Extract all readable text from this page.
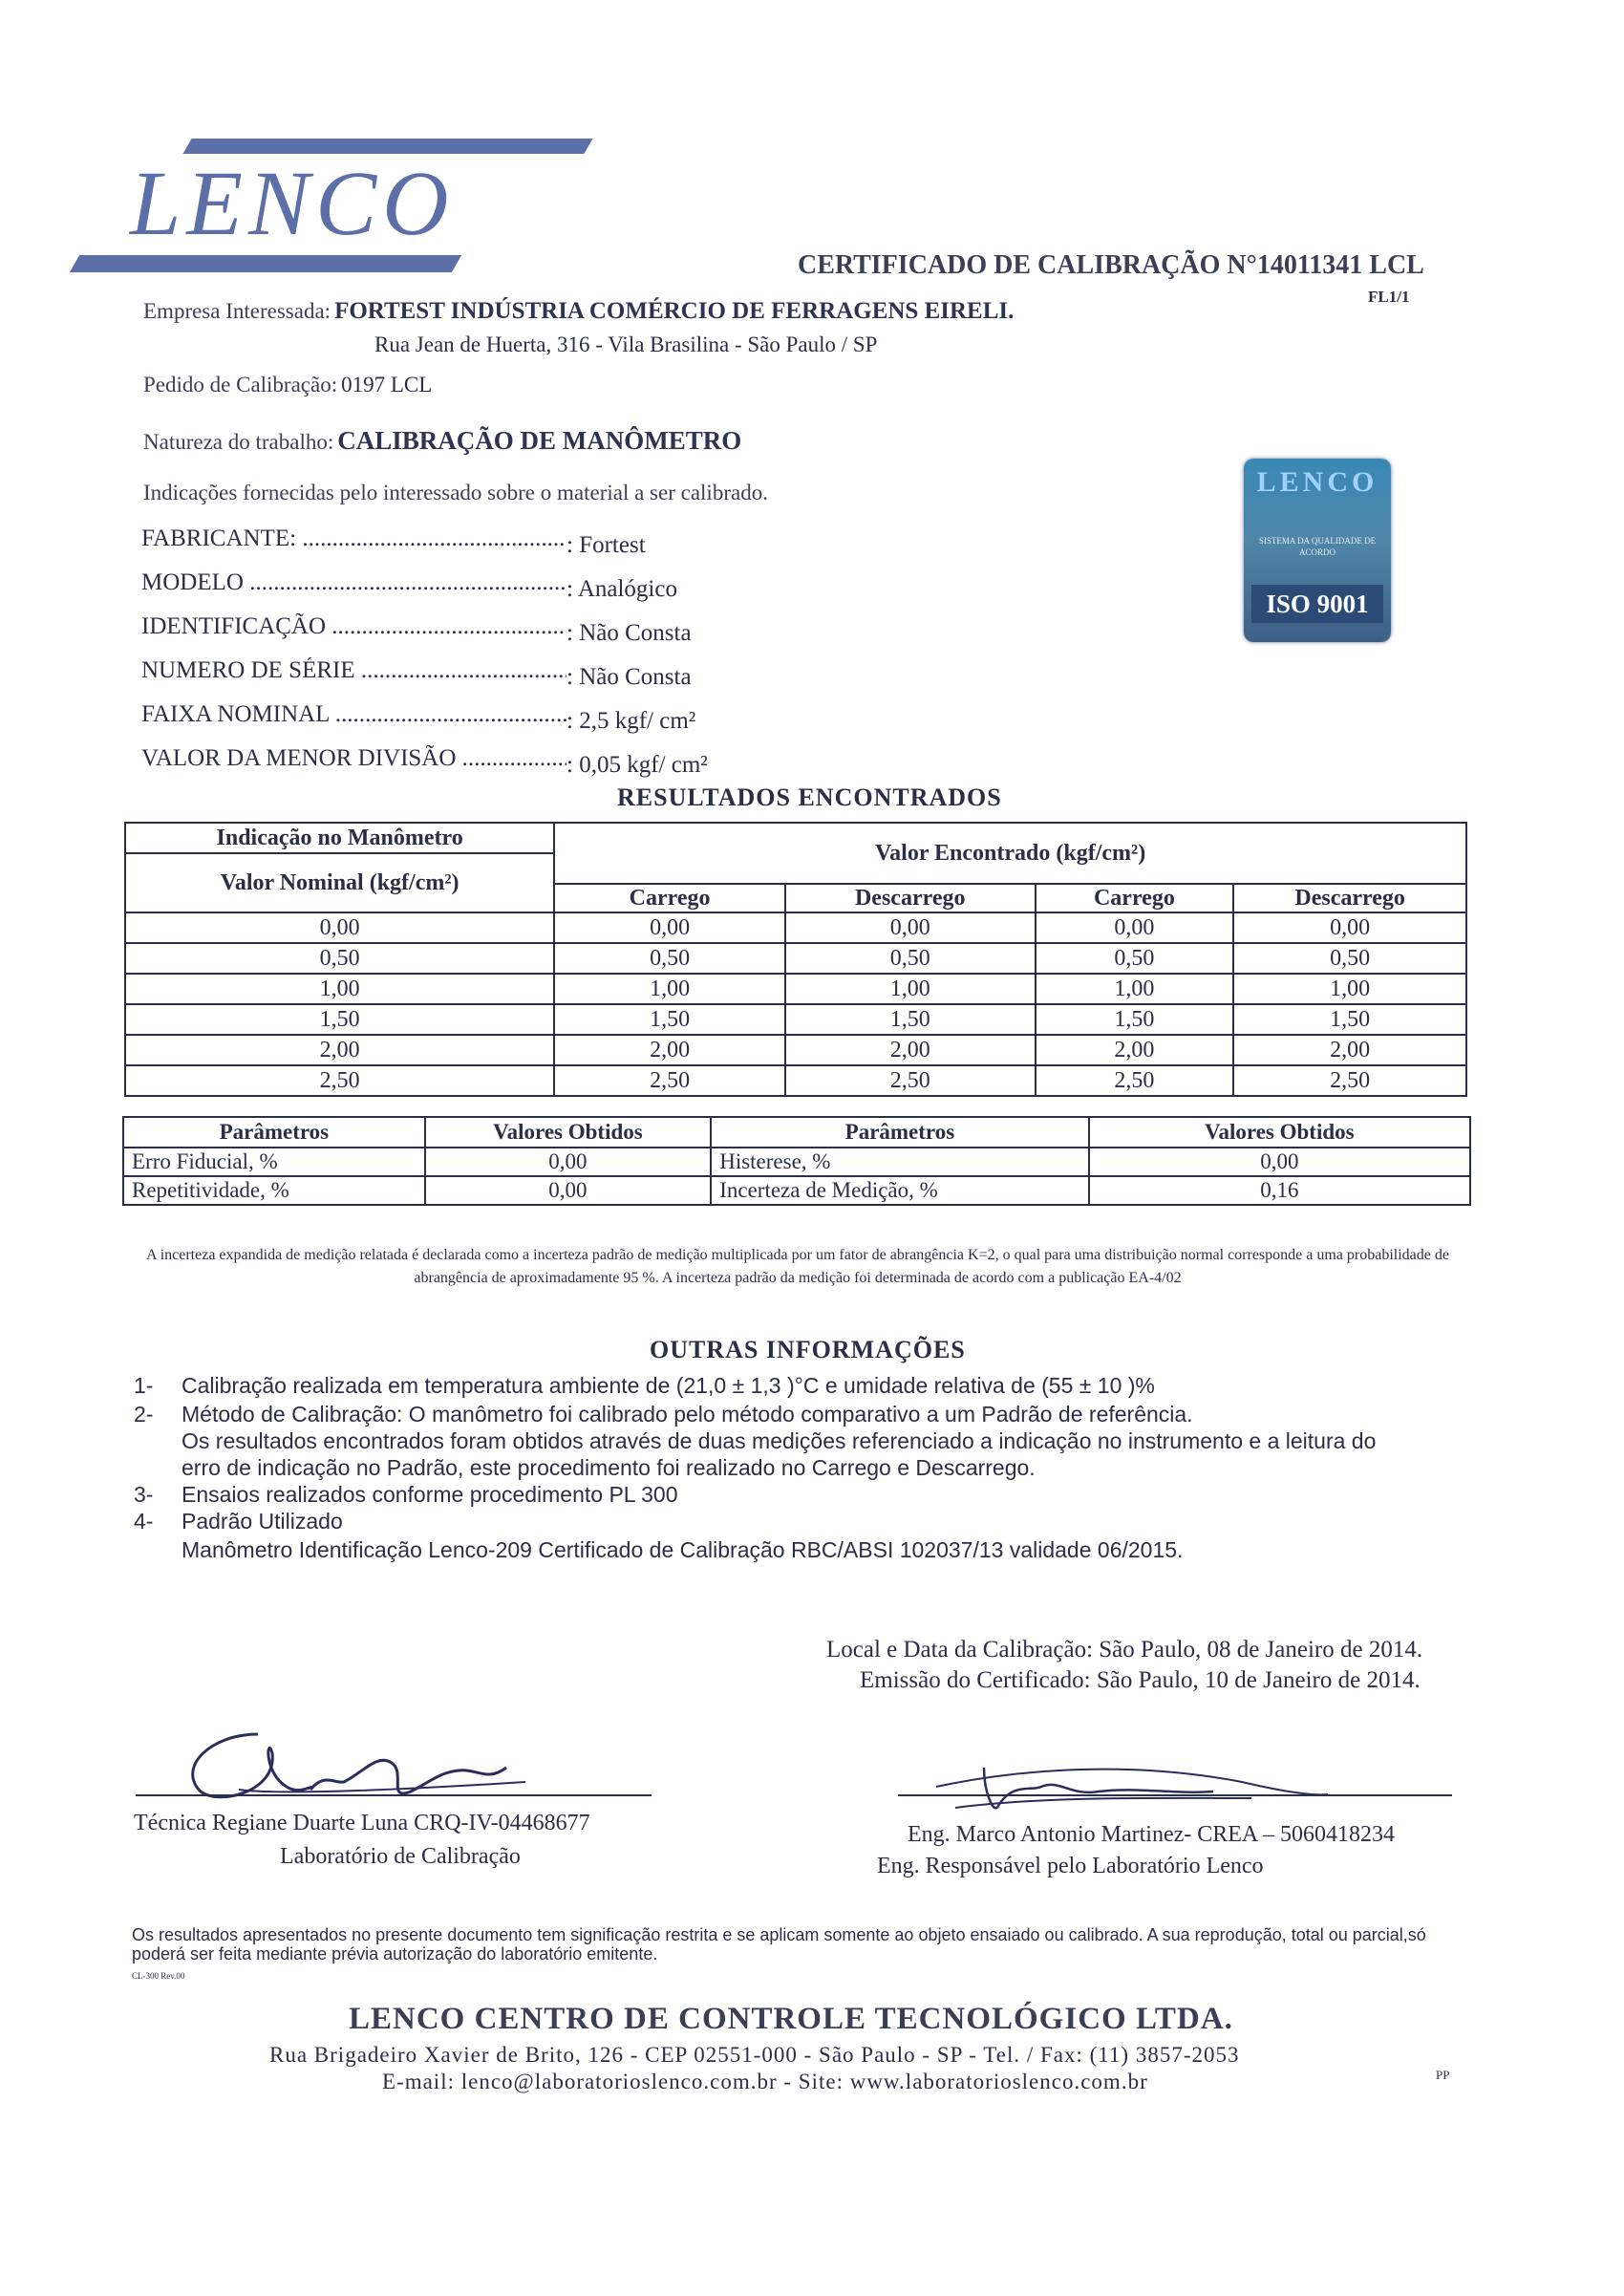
LENCO
CERTIFICADO DE CALIBRAÇÃO N°14011341 LCL
FL1/1
Empresa Interessada: FORTEST INDÚSTRIA COMÉRCIO DE FERRAGENS EIRELI.
Rua Jean de Huerta, 316 - Vila Brasilina - São Paulo / SP
Pedido de Calibração: 0197 LCL
Natureza do trabalho: CALIBRAÇÃO DE MANÔMETRO
Indicações fornecidas pelo interessado sobre o material a ser calibrado.
FABRICANTE: .....	: Fortest
MODELO .....	: Analógico
IDENTIFICAÇÃO .....	: Não Consta
NUMERO DE SÉRIE .....	: Não Consta
FAIXA NOMINAL .....	: 2,5 kgf/ cm²
VALOR DA MENOR DIVISÃO .....	: 0,05 kgf/ cm²
LENCO
SISTEMA DA QUALIDADE DE ACORDO
ISO 9001
RESULTADOS ENCONTRADOS
Indicação no Manômetro	Valor Encontrado (kgf/cm²)			
Valor Nominal (kgf/cm²)				
	Carrego	Descarrego	Carrego	Descarrego
0,00	0,00	0,00	0,00	0,00
0,50	0,50	0,50	0,50	0,50
1,00	1,00	1,00	1,00	1,00
1,50	1,50	1,50	1,50	1,50
2,00	2,00	2,00	2,00	2,00
2,50	2,50	2,50	2,50	2,50
Parâmetros	Valores Obtidos	Parâmetros	Valores Obtidos
Erro Fiducial, %	0,00	Histerese, %	0,00
Repetitividade, %	0,00	Incerteza de Medição, %	0,16
A incerteza expandida de medição relatada é declarada como a incerteza padrão de medição multiplicada por um fator de abrangência K=2, o qual para uma distribuição normal corresponde a uma probabilidade de abrangência de aproximadamente 95 %. A incerteza padrão da medição foi determinada de acordo com a publicação EA-4/02
OUTRAS INFORMAÇÕES
1- Calibração realizada em temperatura ambiente de (21,0 ± 1,3 )°C e umidade relativa de (55 ± 10 )%
2- Método de Calibração: O manômetro foi calibrado pelo método comparativo a um Padrão de referência.
Os resultados encontrados foram obtidos através de duas medições referenciado a indicação no instrumento e a leitura do
erro de indicação no Padrão, este procedimento foi realizado no Carrego e Descarrego.
3- Ensaios realizados conforme procedimento PL 300
4- Padrão Utilizado
Manômetro Identificação Lenco-209 Certificado de Calibração RBC/ABSI 102037/13 validade 06/2015.
Local e Data da Calibração: São Paulo, 08 de Janeiro de 2014.
Emissão do Certificado: São Paulo, 10 de Janeiro de 2014.
Técnica Regiane Duarte Luna CRQ-IV-04468677
Laboratório de Calibração
Eng. Marco Antonio Martinez- CREA – 5060418234
Eng. Responsável pelo Laboratório Lenco
Os resultados apresentados no presente documento tem significação restrita e se aplicam somente ao objeto ensaiado ou calibrado. A sua reprodução, total ou parcial,só poderá ser feita mediante prévia autorização do laboratório emitente.
CL-300 Rev.00
LENCO CENTRO DE CONTROLE TECNOLÓGICO LTDA.
Rua Brigadeiro Xavier de Brito, 126 - CEP 02551-000 - São Paulo - SP - Tel. / Fax: (11) 3857-2053
E-mail: lenco@laboratorioslenco.com.br - Site: www.laboratorioslenco.com.br	PP
